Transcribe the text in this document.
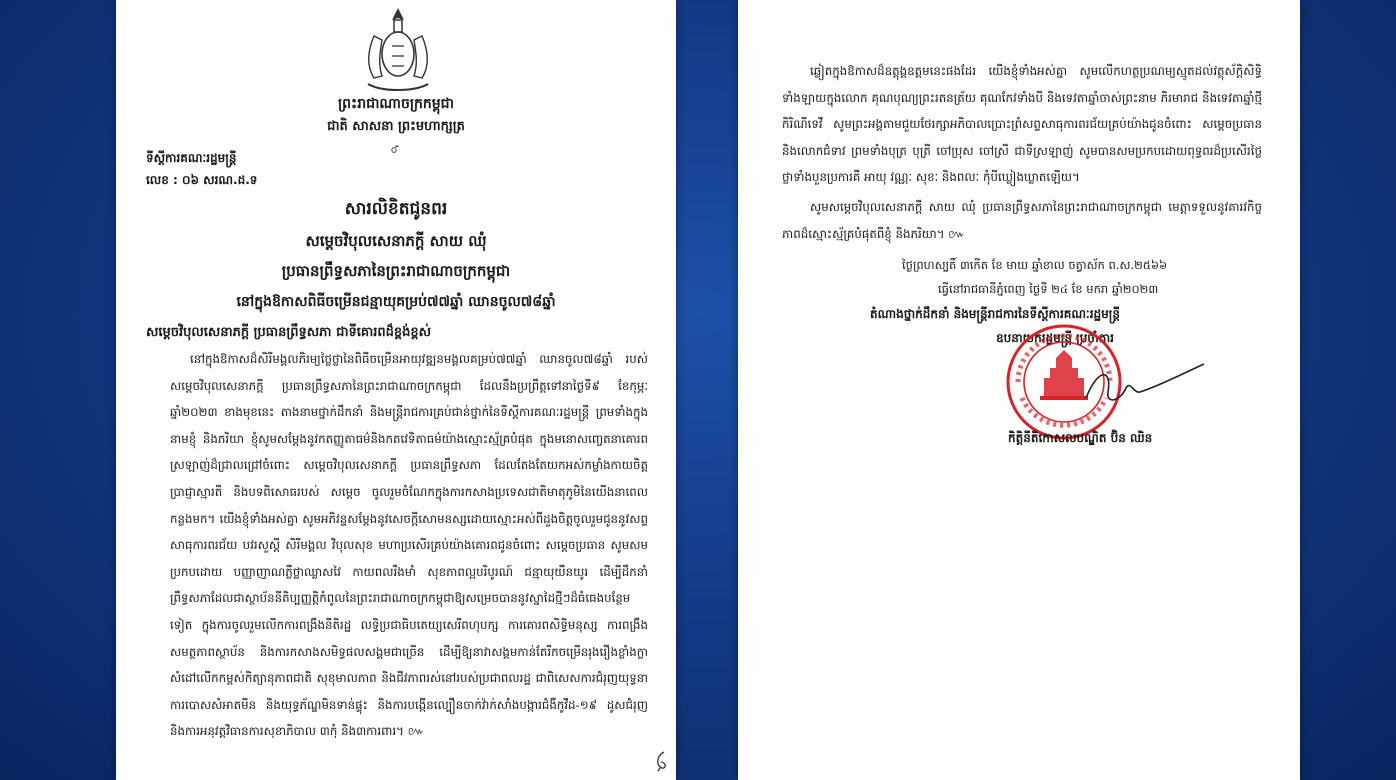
ព្រះរាជាណាចក្រកម្ពុជា
ជាតិ សាសនា ព្រះមហាក្សត្រ
ᯰᯰ
ទីស្ដីការគណៈរដ្ឋមន្ត្រី
លេខ : ០៦ សរណ.ដ.ទ
សារលិខិតជូនពរ
សម្ដេចវិបុលសេនាភក្ដី សាយ ឈុំ
ប្រធានព្រឹទ្ធសភានៃព្រះរាជាណាចក្រកម្ពុជា
នៅក្នុងឱកាសពិធីចម្រើនជន្មាយុគម្រប់៧៧ឆ្នាំ ឈានចូល៧៨ឆ្នាំ
សម្ដេចវិបុលសេនាភក្ដី ប្រធានព្រឹទ្ធសភា ជាទីគោរពដ៏ខ្ពង់ខ្ពស់
នៅក្នុងឱកាសដ៏សិរីមង្គលភិរម្យថ្លៃថ្លានៃពិធីចម្រើនអាយុវឌ្ឍនមង្គលគម្រប់៧៧ឆ្នាំ ឈានចូល៧៨ឆ្នាំ របស់ សម្ដេចវិបុលសេនាភក្ដី ប្រធានព្រឹទ្ធសភានៃព្រះរាជាណាចក្រកម្ពុជា ដែលនឹងប្រព្រឹត្តទៅនាថ្ងៃទី៩ ខែកុម្ភៈ ឆ្នាំ២០២៣ ខាងមុខនេះ តាងនាមថ្នាក់ដឹកនាំ និងមន្ត្រីរាជការគ្រប់ជាន់ថ្នាក់នៃទីស្ដីការគណៈរដ្ឋមន្ត្រី ព្រមទាំងក្នុងនាមខ្ញុំ និងភរិយា ខ្ញុំសូមសម្ដែងនូវកតញ្ញូតាធម៌និងកតវេទិតាធម៌យ៉ាងស្មោះស្ម័គ្របំផុត ក្នុងមនោសញ្ចេតនាគោរពស្រឡាញ់ដ៏ជ្រាលជ្រៅចំពោះ សម្ដេចវិបុលសេនាភក្ដី ប្រធានព្រឹទ្ធសភា ដែលតែងតែយកអស់កម្លាំងកាយចិត្ត ប្រាជ្ញាស្មារតី និងបទពិសោធរបស់ សម្ដេច ចូលរួមចំណែកក្នុងការកសាងប្រទេសជាតិមាតុភូមិនៃយើងនាពេលកន្លងមក។ យើងខ្ញុំទាំងអស់គ្នា សូមអភិវន្ទសម្ដែងនូវសេចក្ដីសោមនស្សដោយស្មោះអស់ពីដួងចិត្តចូលរួមជូននូវសព្ទសាធុការពរជ័យ បវរសួស្ដី សិរីមង្គល វិបុលសុខ មហាប្រសើរគ្រប់យ៉ាងគោរពជូនចំពោះ សម្ដេចប្រធាន សូមសមប្រកបដោយ បញ្ញាញាណភ្លឺថ្លាឈ្លាសវៃ កាយពលរឹងមាំ សុខភាពល្អបរិបូរណ៍ ជន្មាយុយឺនយូរ ដើម្បីដឹកនាំព្រឹទ្ធសភាដែលជាស្ថាប័ននីតិប្បញ្ញត្តិកំពូលនៃព្រះរាជាណាចក្រកម្ពុជាឱ្យសម្រេចបាននូវស្នាដៃថ្មីៗដ៏ធំធេងបន្ថែមទៀត ក្នុងការចូលរួមលើកការពង្រឹងនីតិរដ្ឋ លទ្ធិប្រជាធិបតេយ្យសេរីពហុបក្ស ការគោរពសិទ្ធិមនុស្ស ការពង្រឹងសមត្ថភាពស្ថាប័ន និងការកសាងសមិទ្ធផលសង្គមជាច្រើន ដើម្បីឱ្យនាវាសង្គមកាន់តែរីកចម្រើនរុងរឿងខ្លាំងក្លា សំដៅលើកកម្ពស់កិត្យានុភាពជាតិ សុខុមាលភាព និងជីវភាពរស់នៅរបស់ប្រជាពលរដ្ឋ ជាពិសេសការជំរុញយុទ្ធនាការបោសសំអាតមីន និងយុទ្ធភ័ណ្ឌមិនទាន់ផ្ទុះ និងការបង្កើនល្បឿនចាក់វ៉ាក់សាំងបង្ការជំងឺកូវីដ-១៩ ដូសជំរុញ និងការអនុវត្តវិធានការសុខាភិបាល ៣កុំ និង៣ការពារ។ ៚
ឆ្លៀតក្នុងឱកាសដ៏ឧត្តុង្គឧត្តមនេះផងដែរ យើងខ្ញុំទាំងអស់គ្នា សូមលើកហត្ថប្រណម្យស្មូតដល់វត្ថុស័ក្ដិសិទ្ធិទាំងឡាយក្នុងលោក គុណបុណ្យព្រះរតនត្រ័យ គុណកែវទាំងបី និងទេវតាឆ្នាំចាស់ព្រះនាម ភិរមារាជ និងទេវតាឆ្នាំថ្មី កិរិណីទេវី សូមព្រះអង្គតាមជួយថែរក្សាអភិបាលប្រោះព្រំសព្ទសាធុការពរជ័យគ្រប់យ៉ាងជូនចំពោះ សម្ដេចប្រធាន និងលោកជំទាវ ព្រមទាំងបុត្រ បុត្រី ចៅប្រុស ចៅស្រី ជាទីស្រឡាញ់ សូមបានសមប្រកបដោយពុទ្ធពរដ៏ប្រសើរថ្លៃថ្លាទាំងបួនប្រការគឺ អាយុ វណ្ណៈ សុខៈ និងពលៈ កុំបីឃ្លៀងឃ្លាតឡើយ។
សូមសម្ដេចវិបុលសេនាភក្ដី សាយ ឈុំ ប្រធានព្រឹទ្ធសភានៃព្រះរាជាណាចក្រកម្ពុជា មេត្តាទទួលនូវគារវកិច្ចភាពដ៏ស្មោះស្ម័គ្របំផុតពីខ្ញុំ និងភរិយា។ ៚
ថ្ងៃព្រហស្បតិ៍ ៣កើត ខែ មាឃ ឆ្នាំខាល ចត្វាស័ក ព.ស.២៥៦៦
ធ្វើនៅរាជធានីភ្នំពេញ ថ្ងៃទី ២៤ ខែ មករា ឆ្នាំ២០២៣
តំណាងថ្នាក់ដឹកនាំ និងមន្ត្រីរាជការនៃទីស្ដីការគណៈរដ្ឋមន្ត្រី
ឧបនាយករដ្ឋមន្ត្រី ប្រចាំការ
កិត្តិនីតិកោសលបណ្ឌិត ប៊ិន ឈិន
